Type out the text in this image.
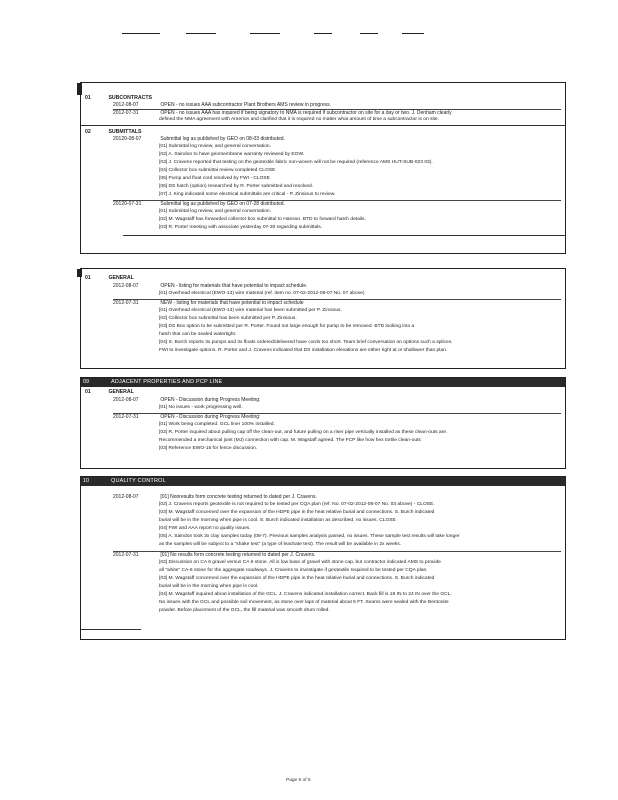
01	SUBCONTRACTS
2012-08-07	OPEN - no issues AAA subcontractor Plant Brothers AMS review in progress.
2012-07-31	OPEN - no issues AAA has inquired if being signatory to NMA is required if subcontractor on site for a day or two. J. Denham clearly
defined the NMA agreement with Amerion and clarified that it is required no matter what amount of time a subcontractor is on site.
02	SUBMITTALS
20120-08-07	Submittal log as published by GEO on 08-03 distributed.
[01] Submittal log review, and general conversation.
[02] A. Saindon to have geomembrane warranty reviewed by EOW.
[03] J. Cravens reported that testing on the geotextile fabric non-woven will not be required (reference AMS HUT-SUB-023 03).
[04] Collector box submittal review completed CLOSE
[05] Pump and float cord resolved by FWI - CLOSE
[06] DS hatch (option) researched by R. Porter submitted and resolved.
[07] J. King indicated some electrical submittals are critical - P. Zinsious to review.
20120-07-31	Submittal log as published by GEO on 07-28 distributed.
[01] Submittal log review, and general conversation.
[02] M. Wagstaff has forwarded collector box submittal to Hanson. BTD to forward hatch details.
[03] R. Porter meeting with associate yesterday 07-30 regarding submittals.
01	GENERAL
2012-08-07	OPEN - listing for materials that have potential to impact schedule.
[01] Overhead electrical (EWO-13) wire material (ref. item no. 07-02-2012-08-07 No. 07 above)
2012-07-31	NEW - listing for materials that have potential to impact schedule
[01] Overhead electrical (EWO-13) wire material has been submitted per P. Zinsious.
[02] Collector box submittal has been submitted per P. Zinsious.
[03] DS Box option to be submitted per R. Porter. Found not large enough for pump to be removed. BTD looking into a
hatch that can be sealed watertight.
[04] S. Burch reports 3x pumps and 3x floats ordered/delivered have cords too short. Team brief conversation on options such a splices.
FWI to investigate options. R. Porter and J. Cravens indicated that DS installation elevations are either right at or shallower than plan.
09	ADJACENT PROPERTIES AND PCP LINE
01	GENERAL
2012-08-07	OPEN - Discussion during Progress Meeting:
[01] No issues - work progressing well.
2012-07-31	OPEN - Discussion during Progress Meeting:
[01] Work being completed. GCL liner 100% installed.
[02] R. Porter inquired about pulling cap off the clean-out, and future pulling on a riser pipe vertically installed as these clean-outs are.
Recommended a mechanical joint (MJ) connection with cap. M. Wagstaff agreed. The FCP like how hex tortile clean-outs
[03] Reference EWO-15 for fence discussion.
10	QUALITY CONTROL
2012-08-07	[01] Nonresults form concrete testing returned to dated per J. Cravens.
[02] J. Cravens reports geotextile is not required to be tested per CQA plan (ref. No. 07-02-2012-08-07 No. 03 above) - CLOSE.
[03] M. Wagstaff concerned over the expansion of the HDPE pipe in the heat relative burial and connections. S. Burch indicated
burial will be in the morning when pipe is cool. S. Burch indicated installation as described, no issues. CLOSE
[04] FWI and AAA report no quality issues.
[05] A. Saindon took 3x clay samples today (08-7). Previous samples analysis passed, no issues. These sample test results will take longer
as the samples will be subject to a "shake test" (a type of leachate test). The result will be available in 2x weeks.
2012-07-31	[01] No results form concrete testing returned to dated per J. Cravens.
[02] Discussion on CA 6 gravel versus CA 6 stone. All is low base of gravel with stone cap, but contractor indicated AMS to provide
all "white" CA-6 stone for the aggregate roadways. J. Cravens to investigate if geotextile required to be tested per CQA plan.
[03] M. Wagstaff concerned over the expansion of the HDPE pipe in the heat relative burial and connections. S. Burch indicated
burial will be in the morning when pipe is cool.
[04] M. Wagstaff inquired about installation of the GCL. J. Cravens indicated installation correct. Back fill is 18 IN to 24 IN over the GCL.
No issues with the GCL and possible soil movement, as stone over laps of material about 5 FT. Seams were sealed with the Bentonite
powder. Before placement of the GCL, the fill material was smooth drum rolled.
Page 5 of 5
